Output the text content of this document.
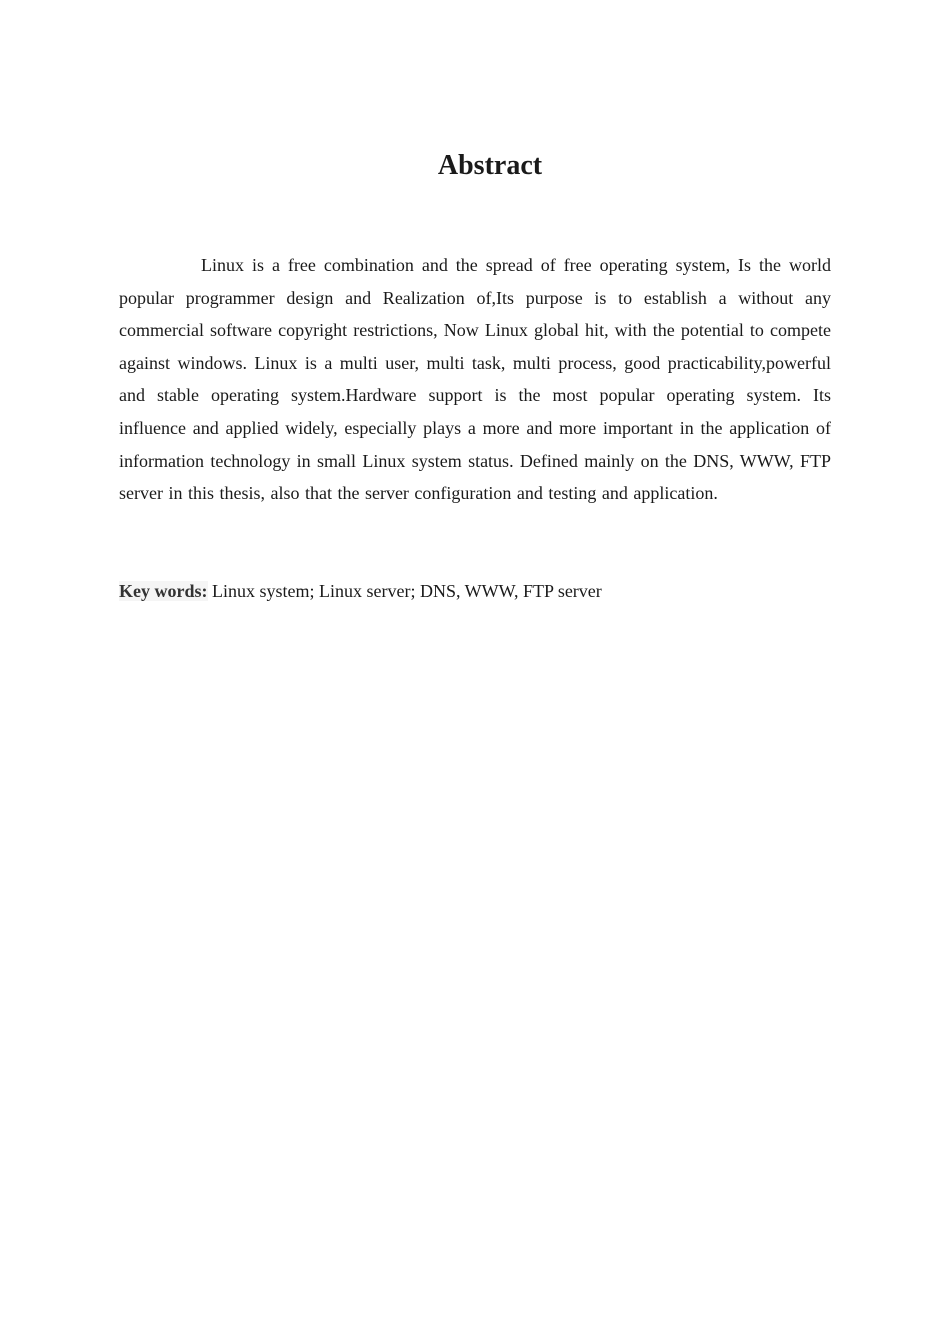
Abstract

Linux is a free combination and the spread of free operating system, Is the world popular programmer design and Realization of,Its purpose is to establish a without any commercial software copyright restrictions, Now Linux global hit, with the potential to compete against windows. Linux is a multi user, multi task, multi process, good practicability,powerful and stable operating system.Hardware support is the most popular operating system. Its influence and applied widely, especially plays a more and more important in the application of information technology in small Linux system status. Defined mainly on the DNS, WWW, FTP server in this thesis, also that the server configuration and testing and application.

Key words: Linux system; Linux server; DNS, WWW, FTP server
